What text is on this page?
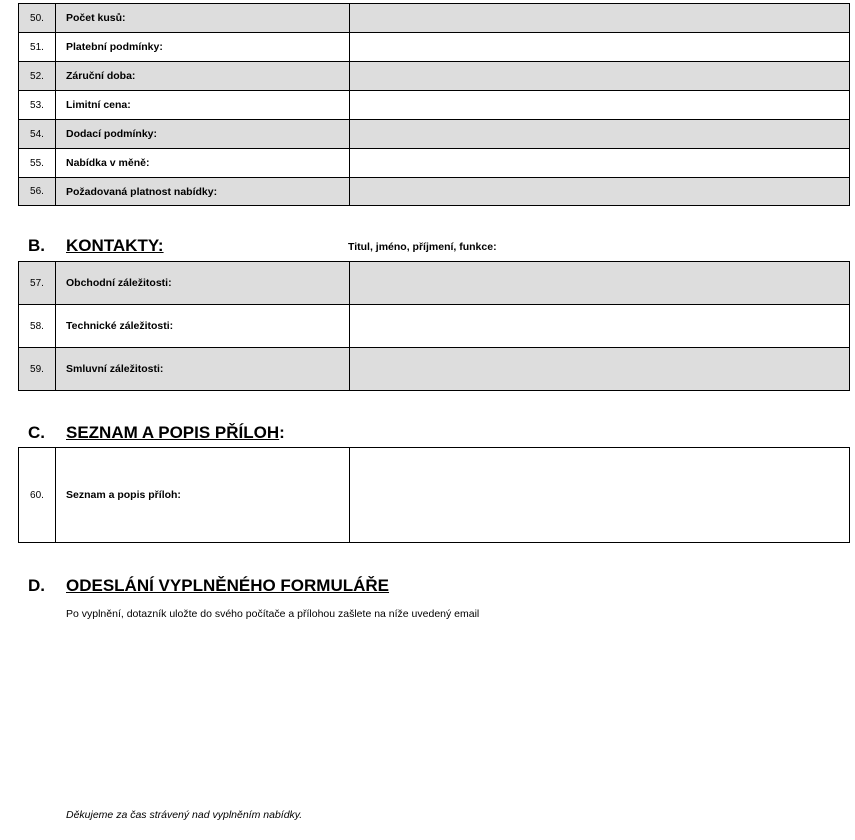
50.	Počet kusů:	
51.	Platební podmínky:	
52.	Záruční doba:	
53.	Limitní cena:	
54.	Dodací podmínky:	
55.	Nabídka v měně:	
56.	Požadovaná platnost nabídky:	
B. KONTAKTY:	Titul, jméno, příjmení, funkce:
57.	Obchodní záležitosti:	
58.	Technické záležitosti:	
59.	Smluvní záležitosti:	
C. SEZNAM A POPIS PŘÍLOH:
60.	Seznam a popis příloh:	
D. ODESLÁNÍ VYPLNĚNÉHO FORMULÁŘE
Po vyplnění, dotazník uložte do svého počítače a přílohou zašlete na níže uvedený email
Děkujeme za čas strávený nad vyplněním nabídky.
